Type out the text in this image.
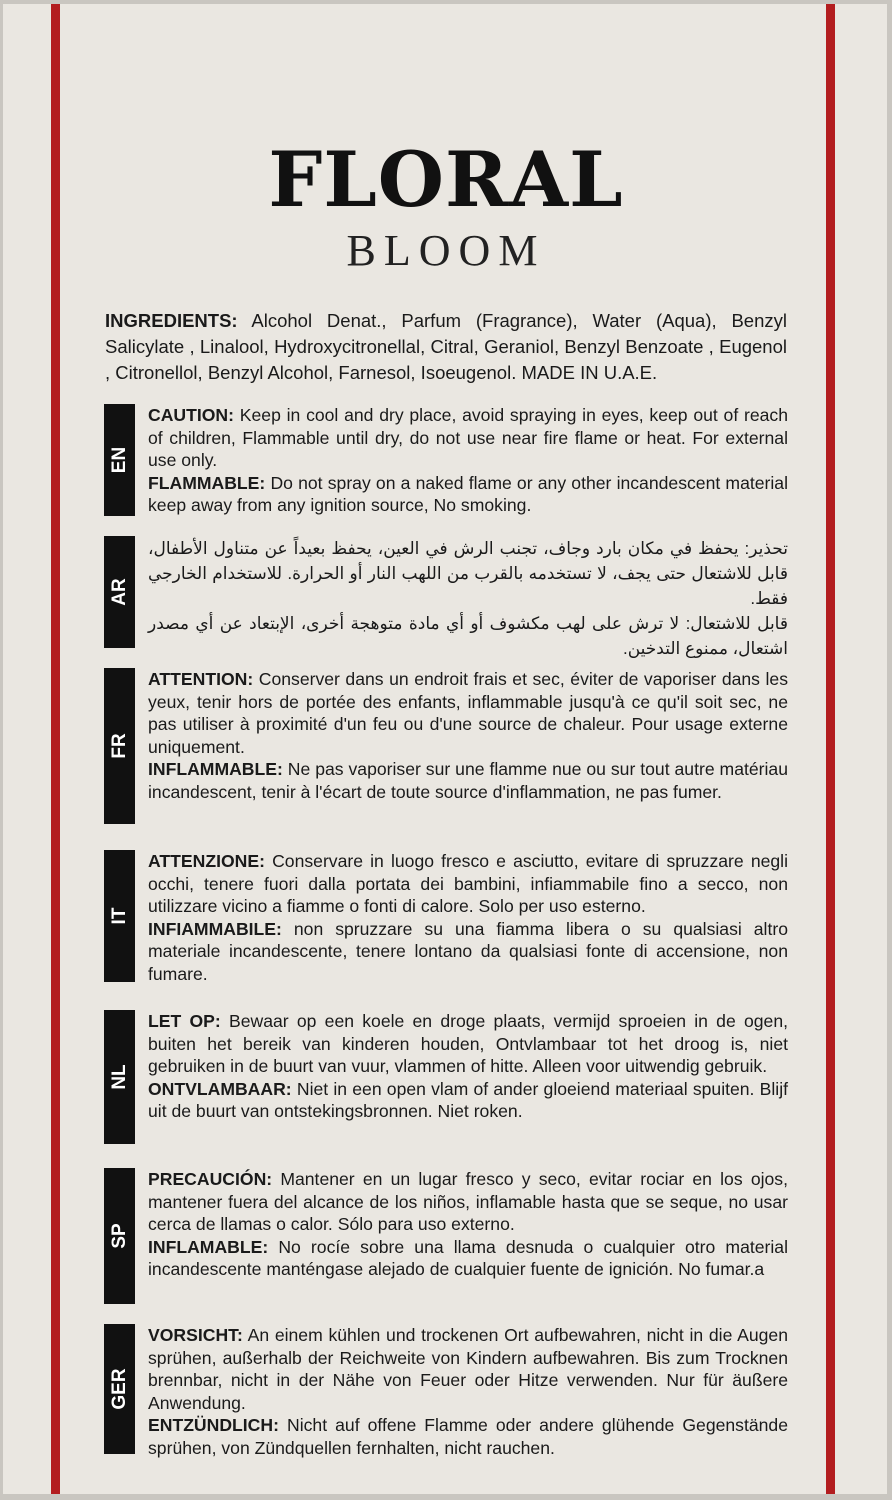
FLORAL
BLOOM
INGREDIENTS: Alcohol Denat., Parfum (Fragrance), Water (Aqua), Benzyl Salicylate , Linalool, Hydroxycitronellal, Citral, Geraniol, Benzyl Benzoate , Eugenol , Citronellol, Benzyl Alcohol, Farnesol, Isoeugenol. MADE IN U.A.E.
EN

CAUTION: Keep in cool and dry place, avoid spraying in eyes, keep out of reach of children, Flammable until dry, do not use near fire flame or heat. For external use only.

FLAMMABLE: Do not spray on a naked flame or any other incandescent material keep away from any ignition source, No smoking.

AR

تحذير: يحفظ في مكان بارد وجاف، تجنب الرش في العين، يحفظ بعيداً عن متناول الأطفال، قابل للاشتعال حتى يجف، لا تستخدمه بالقرب من اللهب النار أو الحرارة. للاستخدام الخارجي فقط.

قابل للاشتعال: لا ترش على لهب مكشوف أو أي مادة متوهجة أخرى، الإبتعاد عن أي مصدر اشتعال، ممنوع التدخين.

FR

ATTENTION: Conserver dans un endroit frais et sec, éviter de vaporiser dans les yeux, tenir hors de portée des enfants, inflammable jusqu'à ce qu'il soit sec, ne pas utiliser à proximité d'un feu ou d'une source de chaleur. Pour usage externe uniquement.

INFLAMMABLE: Ne pas vaporiser sur une flamme nue ou sur tout autre matériau incandescent, tenir à l'écart de toute source d'inflammation, ne pas fumer.

IT

ATTENZIONE: Conservare in luogo fresco e asciutto, evitare di spruzzare negli occhi, tenere fuori dalla portata dei bambini, infiammabile fino a secco, non utilizzare vicino a fiamme o fonti di calore. Solo per uso esterno.

INFIAMMABILE: non spruzzare su una fiamma libera o su qualsiasi altro materiale incandescente, tenere lontano da qualsiasi fonte di accensione, non fumare.

NL

LET OP: Bewaar op een koele en droge plaats, vermijd sproeien in de ogen, buiten het bereik van kinderen houden, Ontvlambaar tot het droog is, niet gebruiken in de buurt van vuur, vlammen of hitte. Alleen voor uitwendig gebruik.

ONTVLAMBAAR: Niet in een open vlam of ander gloeiend materiaal spuiten. Blijf uit de buurt van ontstekingsbronnen. Niet roken.

SP

PRECAUCIÓN: Mantener en un lugar fresco y seco, evitar rociar en los ojos, mantener fuera del alcance de los niños, inflamable hasta que se seque, no usar cerca de llamas o calor. Sólo para uso externo.

INFLAMABLE: No rocíe sobre una llama desnuda o cualquier otro material incandescente manténgase alejado de cualquier fuente de ignición. No fumar.a

GER

VORSICHT: An einem kühlen und trockenen Ort aufbewahren, nicht in die Augen sprühen, außerhalb der Reichweite von Kindern aufbewahren. Bis zum Trocknen brennbar, nicht in der Nähe von Feuer oder Hitze verwenden. Nur für äußere Anwendung.

ENTZÜNDLICH: Nicht auf offene Flamme oder andere glühende Gegenstände sprühen, von Zündquellen fernhalten, nicht rauchen.
